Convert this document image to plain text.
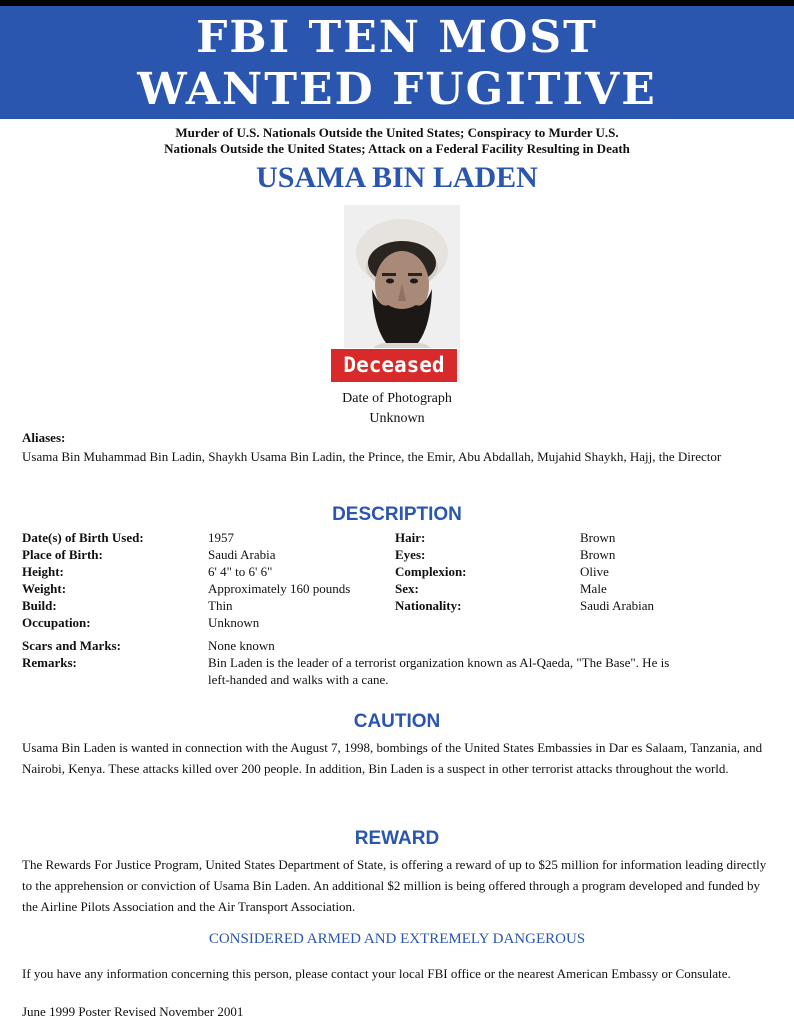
FBI TEN MOST
WANTED FUGITIVE
Murder of U.S. Nationals Outside the United States; Conspiracy to Murder U.S.
Nationals Outside the United States; Attack on a Federal Facility Resulting in Death
USAMA BIN LADEN
Deceased
Date of Photograph
Unknown
Aliases:
Usama Bin Muhammad Bin Ladin, Shaykh Usama Bin Ladin, the Prince, the Emir, Abu Abdallah, Mujahid Shaykh, Hajj, the Director
DESCRIPTION
Date(s) of Birth Used:	1957
Place of Birth:	Saudi Arabia
Height:	6' 4" to 6' 6"
Weight:	Approximately 160 pounds
Build:	Thin
Occupation:	Unknown
Hair:	Brown
Eyes:	Brown
Complexion:	Olive
Sex:	Male
Nationality:	Saudi Arabian
Scars and Marks:	None known
Remarks:	Bin Laden is the leader of a terrorist organization known as Al-Qaeda, "The Base". He is
left-handed and walks with a cane.
CAUTION
Usama Bin Laden is wanted in connection with the August 7, 1998, bombings of the United States Embassies in Dar es Salaam, Tanzania, and Nairobi, Kenya. These attacks killed over 200 people. In addition, Bin Laden is a suspect in other terrorist attacks throughout the world.
REWARD
The Rewards For Justice Program, United States Department of State, is offering a reward of up to $25 million for information leading directly to the apprehension or conviction of Usama Bin Laden. An additional $2 million is being offered through a program developed and funded by the Airline Pilots Association and the Air Transport Association.
CONSIDERED ARMED AND EXTREMELY DANGEROUS
If you have any information concerning this person, please contact your local FBI office or the nearest American Embassy or Consulate.
June 1999 Poster Revised November 2001
